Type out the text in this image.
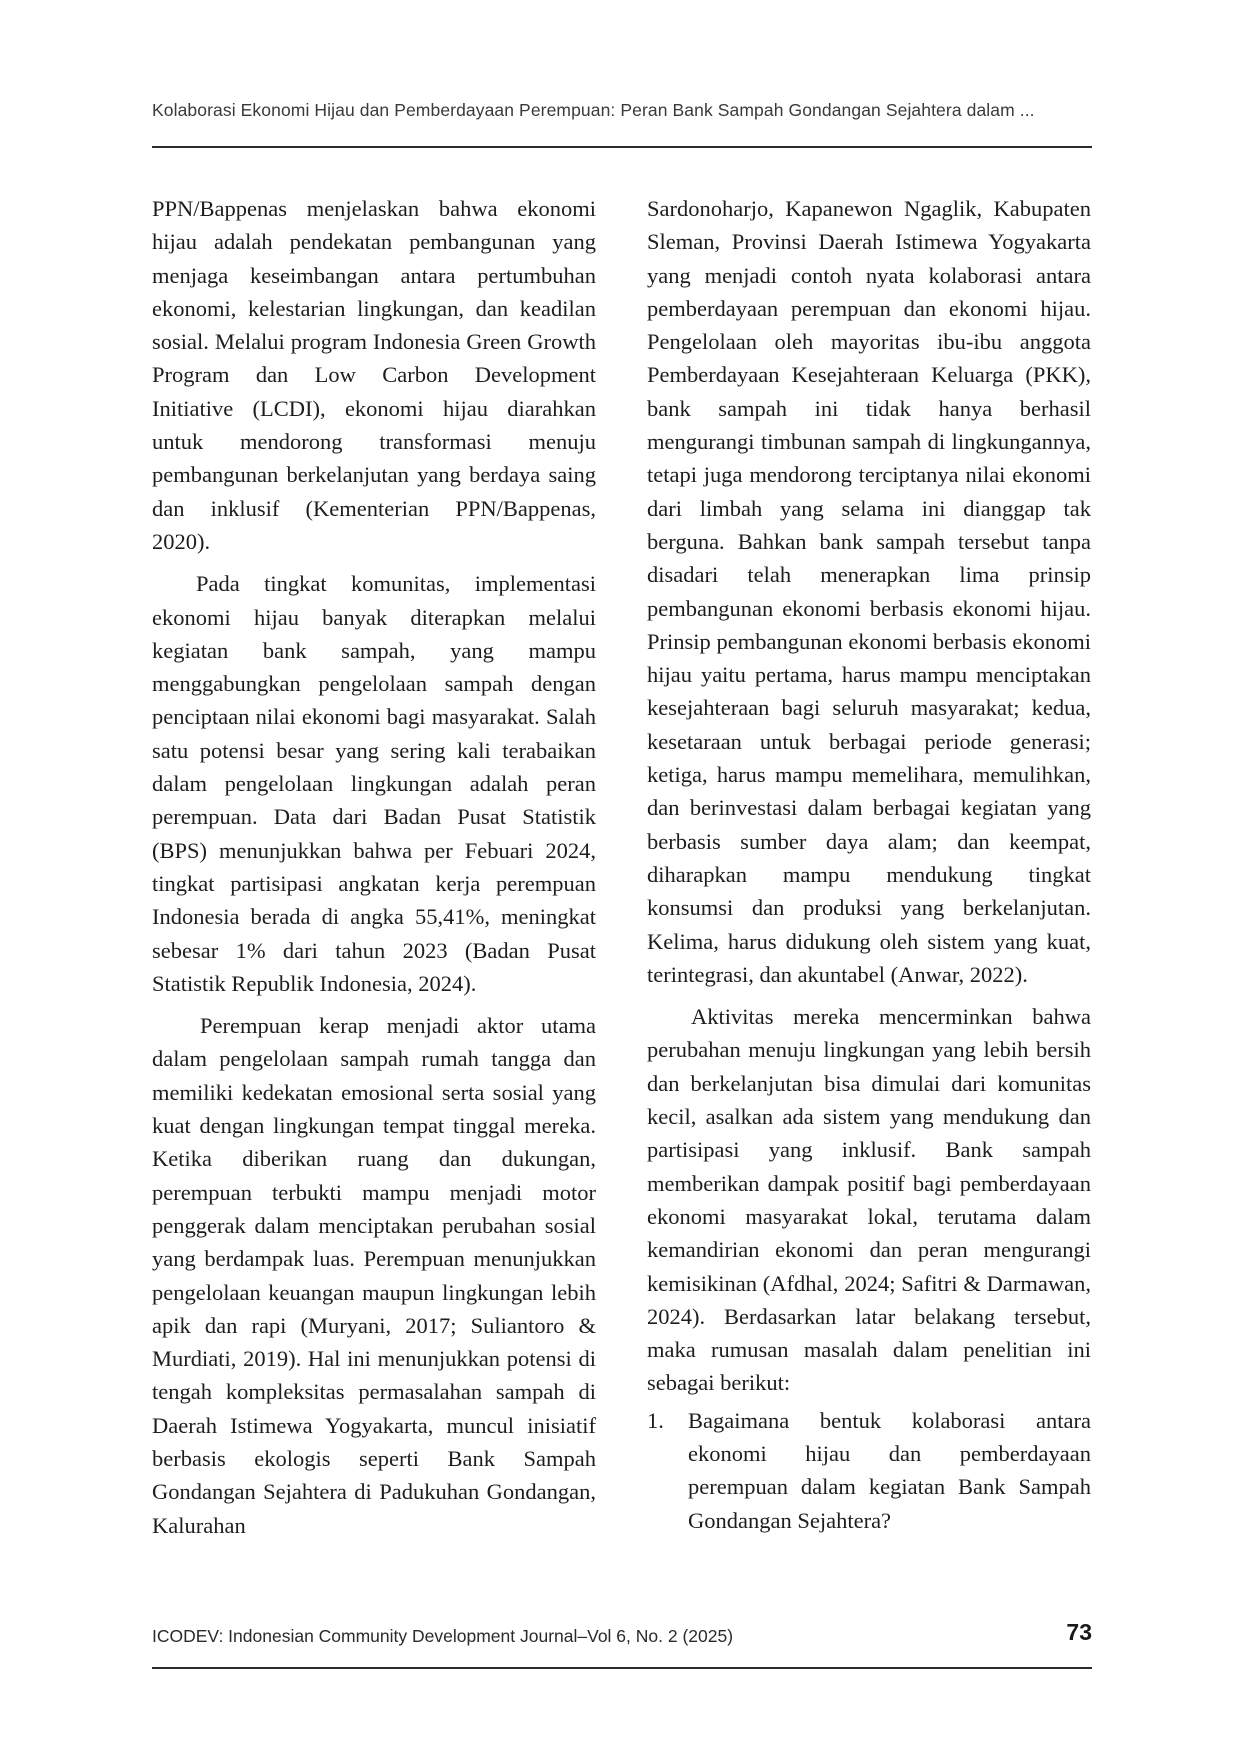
Kolaborasi Ekonomi Hijau dan Pemberdayaan Perempuan: Peran Bank Sampah Gondangan Sejahtera dalam ...

PPN/Bappenas menjelaskan bahwa ekonomi hijau adalah pendekatan pembangunan yang menjaga keseimbangan antara pertumbuhan ekonomi, kelestarian lingkungan, dan keadilan sosial. Melalui program Indonesia Green Growth Program dan Low Carbon Development Initiative (LCDI), ekonomi hijau diarahkan untuk mendorong transformasi menuju pembangunan berkelanjutan yang berdaya saing dan inklusif (Kementerian PPN/Bappenas, 2020).

Pada tingkat komunitas, implementasi ekonomi hijau banyak diterapkan melalui kegiatan bank sampah, yang mampu menggabungkan pengelolaan sampah dengan penciptaan nilai ekonomi bagi masyarakat. Salah satu potensi besar yang sering kali terabaikan dalam pengelolaan lingkungan adalah peran perempuan. Data dari Badan Pusat Statistik (BPS) menunjukkan bahwa per Febuari 2024, tingkat partisipasi angkatan kerja perempuan Indonesia berada di angka 55,41%, meningkat sebesar 1% dari tahun 2023 (Badan Pusat Statistik Republik Indonesia, 2024).

Perempuan kerap menjadi aktor utama dalam pengelolaan sampah rumah tangga dan memiliki kedekatan emosional serta sosial yang kuat dengan lingkungan tempat tinggal mereka. Ketika diberikan ruang dan dukungan, perempuan terbukti mampu menjadi motor penggerak dalam menciptakan perubahan sosial yang berdampak luas. Perempuan menunjukkan pengelolaan keuangan maupun lingkungan lebih apik dan rapi (Muryani, 2017; Suliantoro & Murdiati, 2019). Hal ini menunjukkan potensi di tengah kompleksitas permasalahan sampah di Daerah Istimewa Yogyakarta, muncul inisiatif berbasis ekologis seperti Bank Sampah Gondangan Sejahtera di Padukuhan Gondangan, Kalurahan

Sardonoharjo, Kapanewon Ngaglik, Kabupaten Sleman, Provinsi Daerah Istimewa Yogyakarta yang menjadi contoh nyata kolaborasi antara pemberdayaan perempuan dan ekonomi hijau. Pengelolaan oleh mayoritas ibu-ibu anggota Pemberdayaan Kesejahteraan Keluarga (PKK), bank sampah ini tidak hanya berhasil mengurangi timbunan sampah di lingkungannya, tetapi juga mendorong terciptanya nilai ekonomi dari limbah yang selama ini dianggap tak berguna. Bahkan bank sampah tersebut tanpa disadari telah menerapkan lima prinsip pembangunan ekonomi berbasis ekonomi hijau. Prinsip pembangunan ekonomi berbasis ekonomi hijau yaitu pertama, harus mampu menciptakan kesejahteraan bagi seluruh masyarakat; kedua, kesetaraan untuk berbagai periode generasi; ketiga, harus mampu memelihara, memulihkan, dan berinvestasi dalam berbagai kegiatan yang berbasis sumber daya alam; dan keempat, diharapkan mampu mendukung tingkat konsumsi dan produksi yang berkelanjutan. Kelima, harus didukung oleh sistem yang kuat, terintegrasi, dan akuntabel (Anwar, 2022).

Aktivitas mereka mencerminkan bahwa perubahan menuju lingkungan yang lebih bersih dan berkelanjutan bisa dimulai dari komunitas kecil, asalkan ada sistem yang mendukung dan partisipasi yang inklusif. Bank sampah memberikan dampak positif bagi pemberdayaan ekonomi masyarakat lokal, terutama dalam kemandirian ekonomi dan peran mengurangi kemisikinan (Afdhal, 2024; Safitri & Darmawan, 2024). Berdasarkan latar belakang tersebut, maka rumusan masalah dalam penelitian ini sebagai berikut:

1. Bagaimana bentuk kolaborasi antara ekonomi hijau dan pemberdayaan perempuan dalam kegiatan Bank Sampah Gondangan Sejahtera?
ICODEV: Indonesian Community Development Journal–Vol 6, No. 2 (2025)	73
